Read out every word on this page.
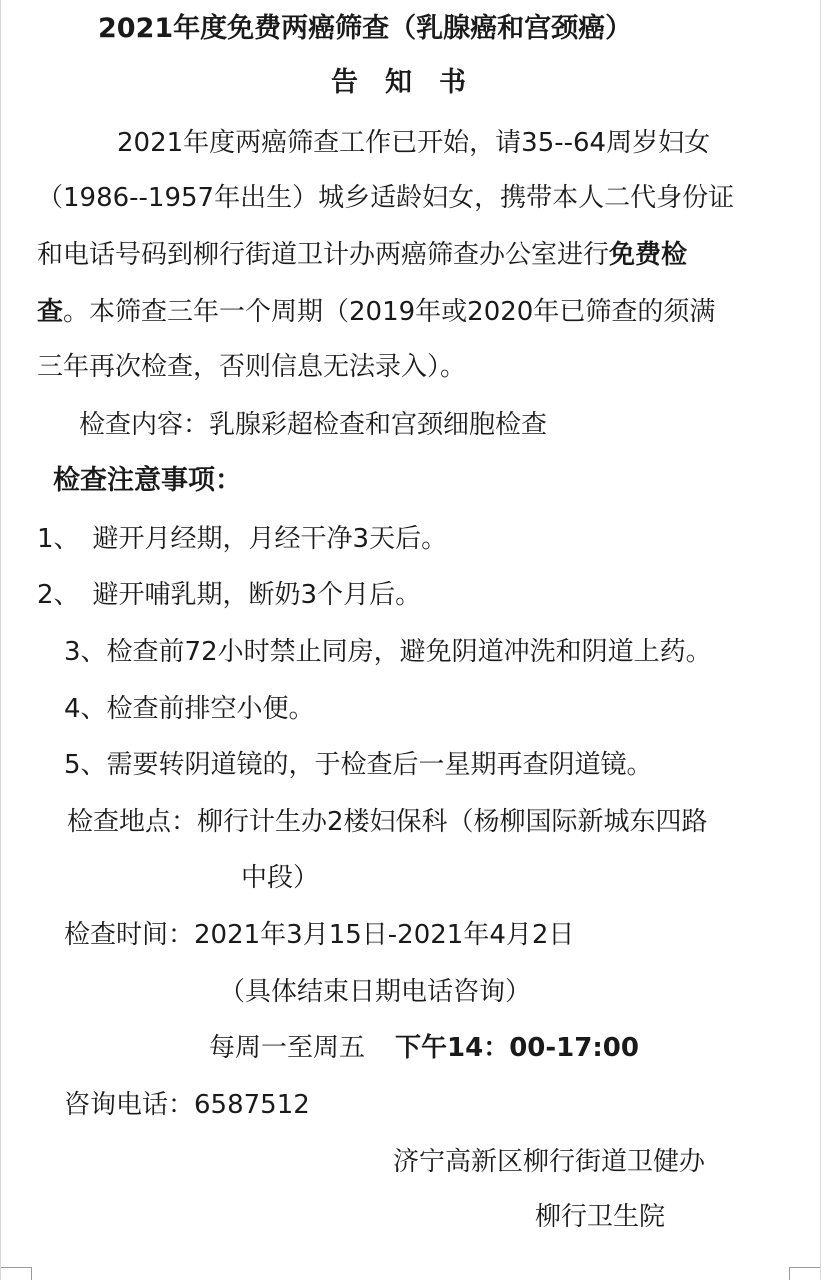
2021年度免费两癌筛查（乳腺癌和宫颈癌）
告　知　书
2021年度两癌筛查工作已开始，请35--64周岁妇女
（1986--1957年出生）城乡适龄妇女，携带本人二代身份证
和电话号码到柳行街道卫计办两癌筛查办公室进行免费检
查。本筛查三年一个周期（2019年或2020年已筛查的须满
三年再次检查，否则信息无法录入）。
检查内容：乳腺彩超检查和宫颈细胞检查
检查注意事项：
1、　避开月经期，月经干净3天后。
2、　避开哺乳期，断奶3个月后。
3、检查前72小时禁止同房，避免阴道冲洗和阴道上药。
4、检查前排空小便。
5、需要转阴道镜的，于检查后一星期再查阴道镜。
检查地点：柳行计生办2楼妇保科（杨柳国际新城东四路
中段）
检查时间：2021年3月15日-2021年4月2日
（具体结束日期电话咨询）
每周一至周五 下午14：00-17:00
咨询电话：6587512
济宁高新区柳行街道卫健办
柳行卫生院
